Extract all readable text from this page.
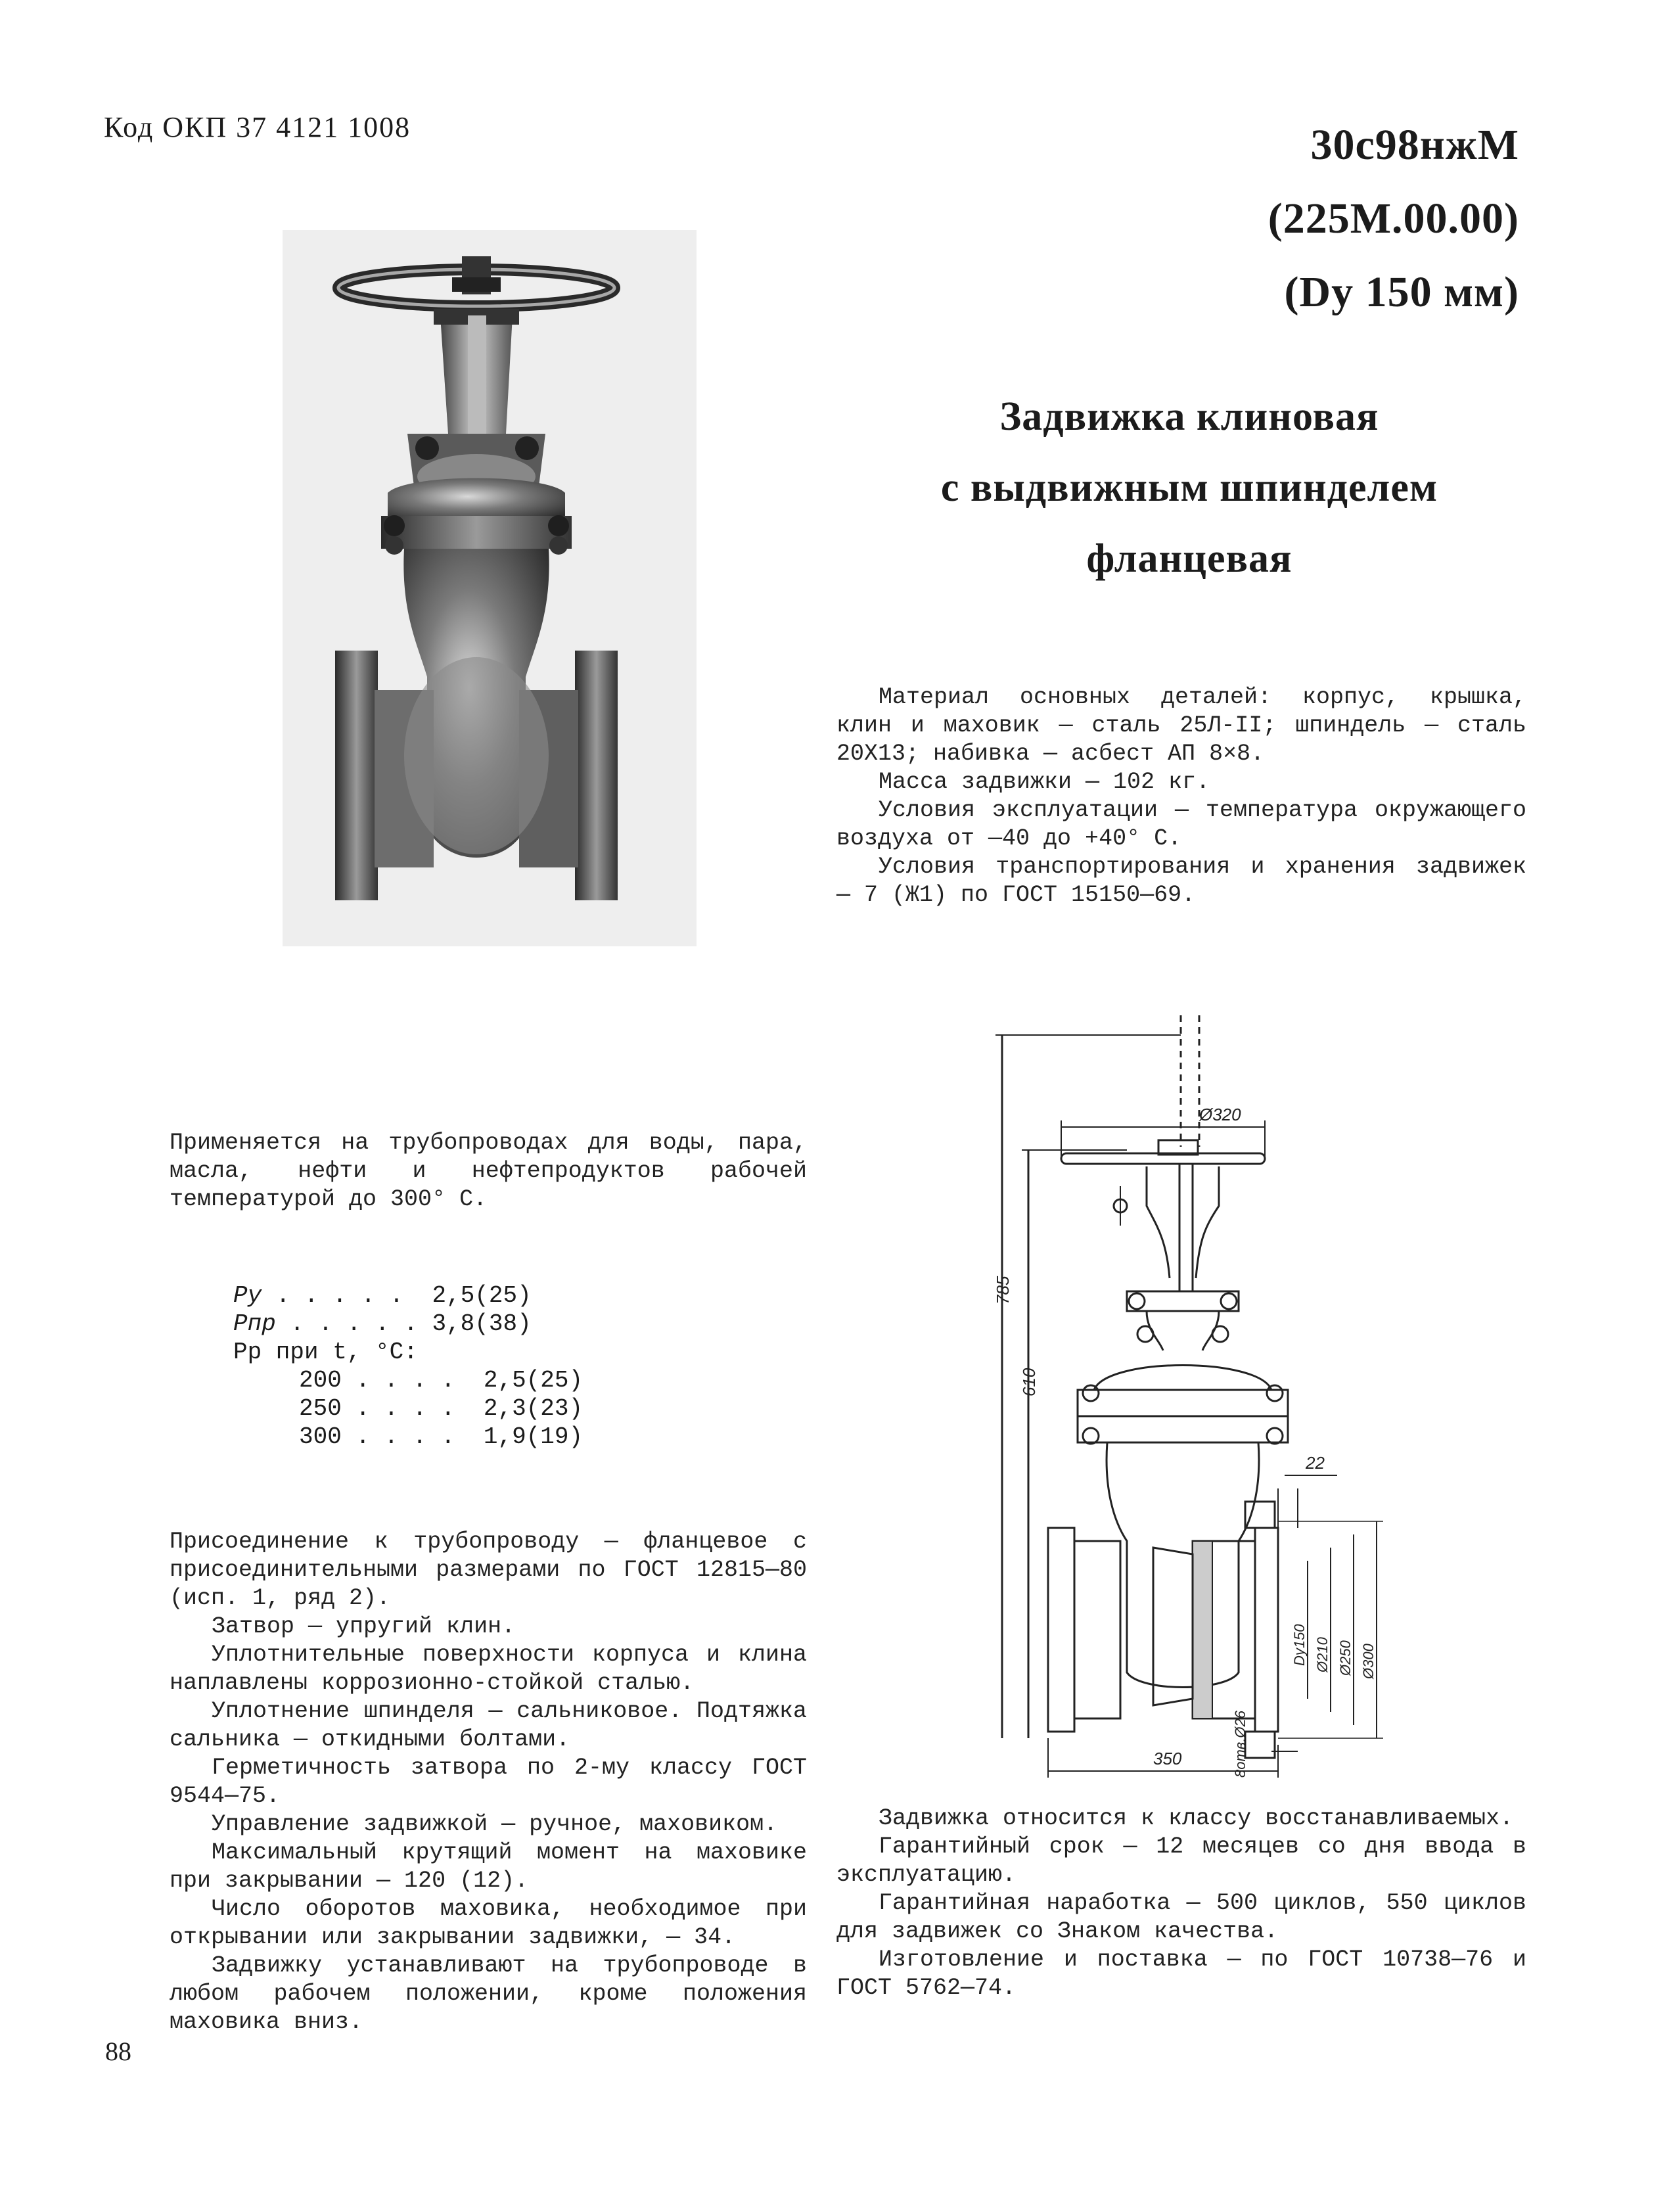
Код ОКП 37 4121 1008	30с98нжМ
(225М.00.00)
(Dy 150 мм)
Задвижка клиновая
с выдвижным шпинделем
фланцевая

Материал основных деталей: корпус, крышка, клин и маховик — сталь 25Л-II; шпиндель — сталь 20Х13; набивка — асбест АП 8×8.

Масса задвижки — 102 кг.

Условия эксплуатации — температура окружающего воздуха от —40 до +40° С.

Условия транспортирования и хранения задвижек — 7 (Ж1) по ГОСТ 15150—69.

Применяется на трубопроводах для воды, пара, масла, нефти и нефтепродуктов рабочей температурой до 300° С.

Pу . . . . . 2,5(25)
Pпр . . . . . 3,8(38)
Pр при t, °С:
200 . . . . 2,5(25)
250 . . . . 2,3(23)
300 . . . . 1,9(19)

Присоединение к трубопроводу — фланцевое с присоединительными размерами по ГОСТ 12815—80 (исп. 1, ряд 2).

Затвор — упругий клин.

Уплотнительные поверхности корпуса и клина наплавлены коррозионно-стойкой сталью.

Уплотнение шпинделя — сальниковое. Подтяжка сальника — откидными болтами.

Герметичность затвора по 2-му классу ГОСТ 9544—75.

Управление задвижкой — ручное, маховиком.

Максимальный крутящий момент на маховике при закрывании — 120 (12).

Число оборотов маховика, необходимое при открывании или закрывании задвижки, — 34.

Задвижку устанавливают на трубопроводе в любом рабочем положении, кроме положения маховика вниз.

785
610
Ø320
22
Dy150 Ø210 Ø250 Ø300
8отв.Ø26
350

Задвижка относится к классу восстанавливаемых.

Гарантийный срок — 12 месяцев со дня ввода в эксплуатацию.

Гарантийная наработка — 500 циклов, 550 циклов для задвижек со Знаком качества.

Изготовление и поставка — по ГОСТ 10738—76 и ГОСТ 5762—74.

88
